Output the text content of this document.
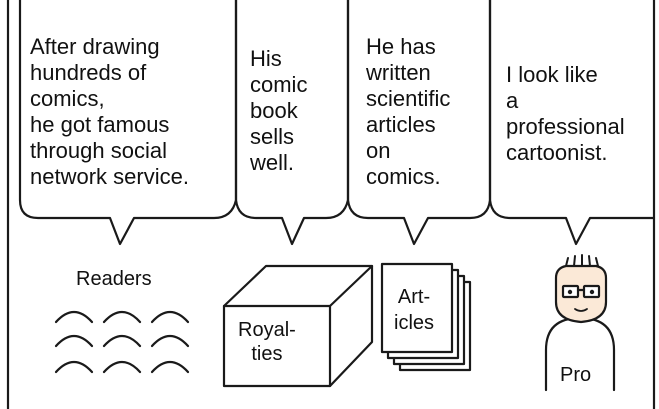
After drawing
hundreds of
comics,
he got famous
through social
network service.
His
comic
book
sells
well.
He has
written
scientific
articles
on
comics.
I look like
a
professional
cartoonist.
Readers
Royal-
ties
Art-
icles
Pro
